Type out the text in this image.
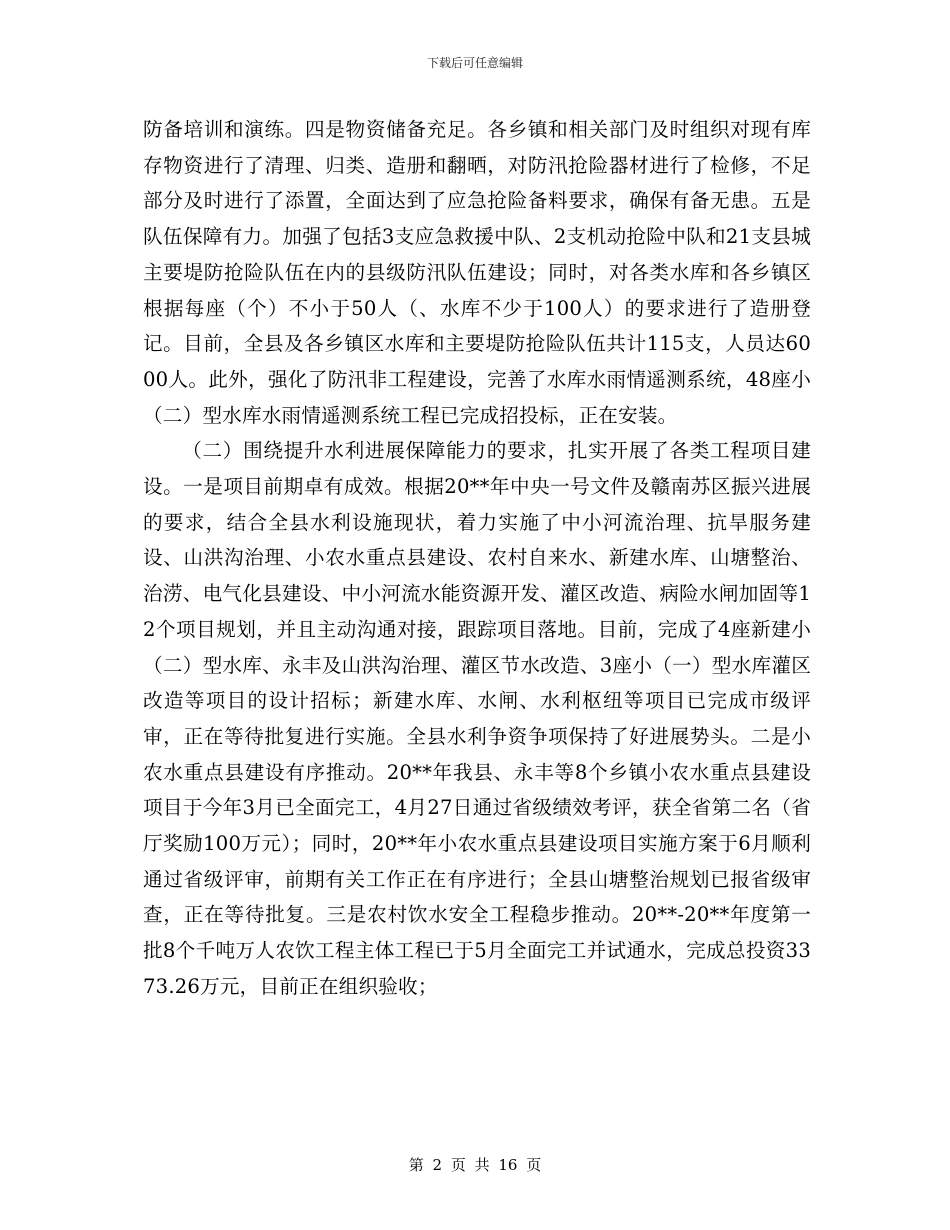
下载后可任意编辑

防备培训和演练。四是物资储备充足。各乡镇和相关部门及时组织对现有库存物资进行了清理、归类、造册和翻晒，对防汛抢险器材进行了检修，不足部分及时进行了添置，全面达到了应急抢险备料要求，确保有备无患。五是队伍保障有力。加强了包括3支应急救援中队、2支机动抢险中队和21支县城主要堤防抢险队伍在内的县级防汛队伍建设；同时，对各类水库和各乡镇区根据每座（个）不小于50人（、水库不少于100人）的要求进行了造册登记。目前，全县及各乡镇区水库和主要堤防抢险队伍共计115支，人员达6000人。此外，强化了防汛非工程建设，完善了水库水雨情遥测系统，48座小（二）型水库水雨情遥测系统工程已完成招投标，正在安装。

（二）围绕提升水利进展保障能力的要求，扎实开展了各类工程项目建设。一是项目前期卓有成效。根据20**年中央一号文件及赣南苏区振兴进展的要求，结合全县水利设施现状，着力实施了中小河流治理、抗旱服务建设、山洪沟治理、小农水重点县建设、农村自来水、新建水库、山塘整治、治涝、电气化县建设、中小河流水能资源开发、灌区改造、病险水闸加固等12个项目规划，并且主动沟通对接，跟踪项目落地。目前，完成了4座新建小（二）型水库、永丰及山洪沟治理、灌区节水改造、3座小（一）型水库灌区改造等项目的设计招标；新建水库、水闸、水利枢纽等项目已完成市级评审，正在等待批复进行实施。全县水利争资争项保持了好进展势头。二是小农水重点县建设有序推动。20**年我县、永丰等8个乡镇小农水重点县建设项目于今年3月已全面完工，4月27日通过省级绩效考评，获全省第二名（省厅奖励100万元）；同时，20**年小农水重点县建设项目实施方案于6月顺利通过省级评审，前期有关工作正在有序进行；全县山塘整治规划已报省级审查，正在等待批复。三是农村饮水安全工程稳步推动。20**-20**年度第一批8个千吨万人农饮工程主体工程已于5月全面完工并试通水，完成总投资3373.26万元，目前正在组织验收；

第 2 页 共 16 页
